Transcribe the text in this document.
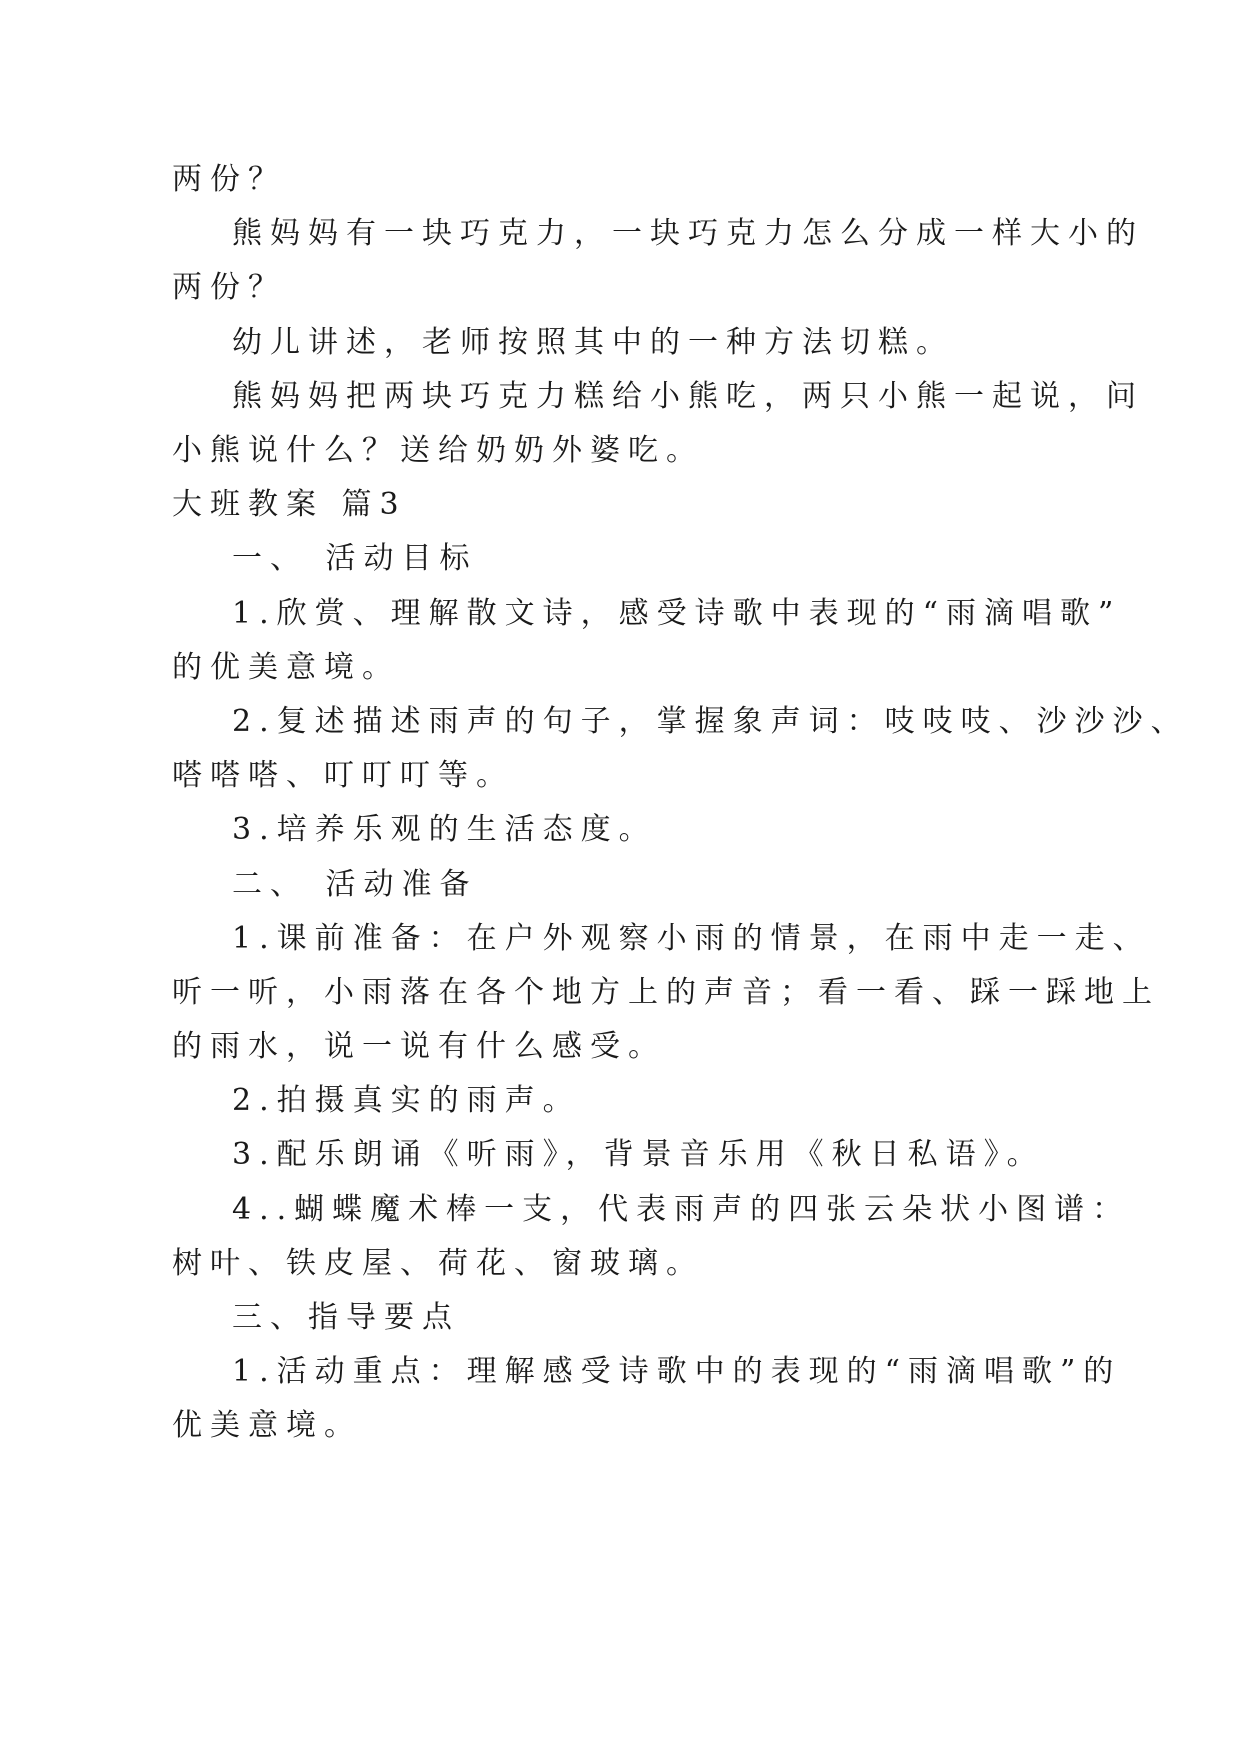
两份？
熊妈妈有一块巧克力，一块巧克力怎么分成一样大小的
两份？
幼儿讲述，老师按照其中的一种方法切糕。
熊妈妈把两块巧克力糕给小熊吃，两只小熊一起说，问
小熊说什么？送给奶奶外婆吃。
大班教案 篇3
一、 活动目标
1.欣赏、理解散文诗，感受诗歌中表现的“雨滴唱歌”
的优美意境。
2.复述描述雨声的句子，掌握象声词：吱吱吱、沙沙沙、
嗒嗒嗒、叮叮叮等。
3.培养乐观的生活态度。
二、 活动准备
1.课前准备：在户外观察小雨的情景，在雨中走一走、
听一听，小雨落在各个地方上的声音；看一看、踩一踩地上
的雨水，说一说有什么感受。
2.拍摄真实的雨声。
3.配乐朗诵《听雨》，背景音乐用《秋日私语》。
4..蝴蝶魔术棒一支，代表雨声的四张云朵状小图谱：
树叶、铁皮屋、荷花、窗玻璃。
三、指导要点
1.活动重点：理解感受诗歌中的表现的“雨滴唱歌”的
优美意境。
